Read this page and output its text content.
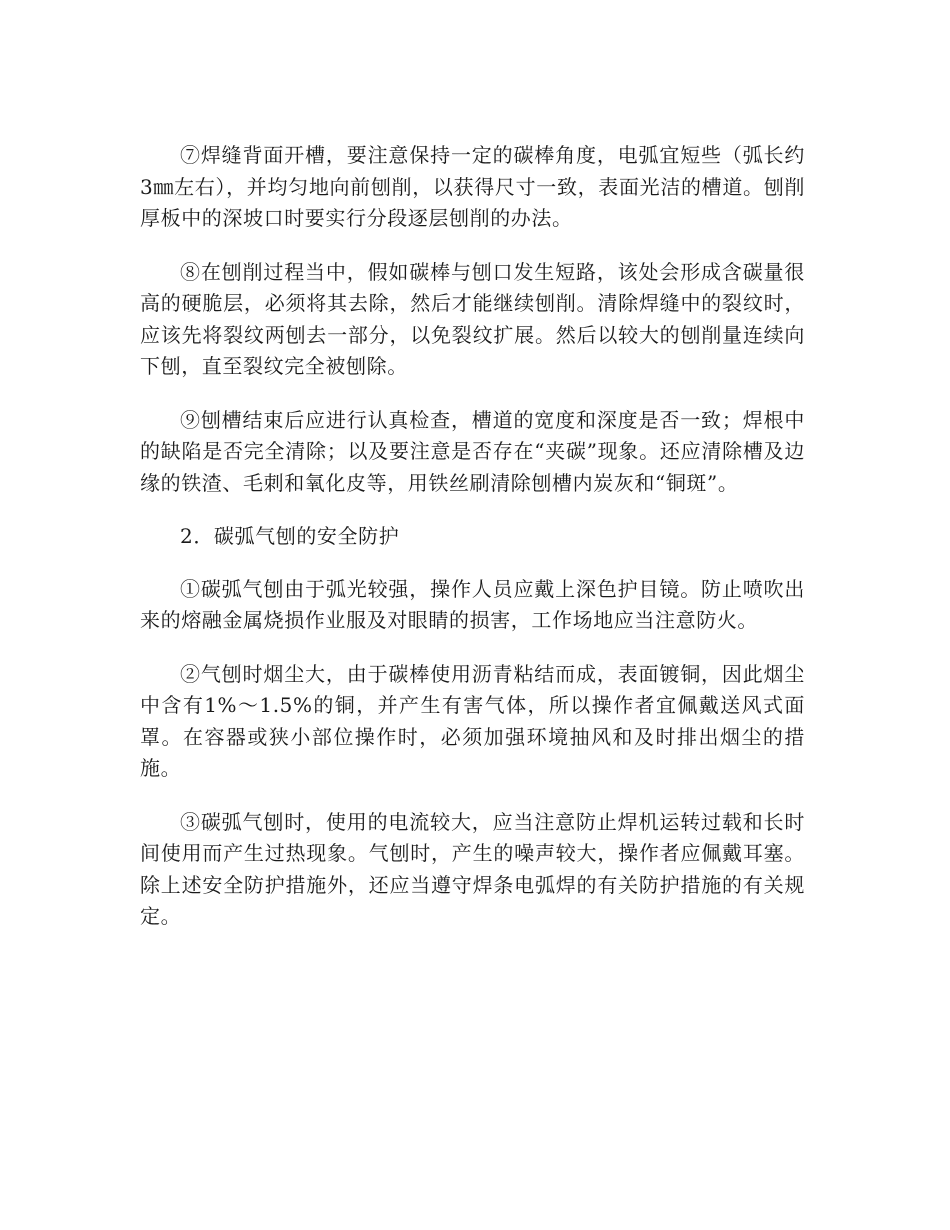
⑦焊缝背面开槽，要注意保持一定的碳棒角度，电弧宜短些（弧长约3㎜左右），并均匀地向前刨削，以获得尺寸一致，表面光洁的槽道。刨削厚板中的深坡口时要实行分段逐层刨削的办法。

⑧在刨削过程当中，假如碳棒与刨口发生短路，该处会形成含碳量很高的硬脆层，必须将其去除，然后才能继续刨削。清除焊缝中的裂纹时，应该先将裂纹两刨去一部分，以免裂纹扩展。然后以较大的刨削量连续向下刨，直至裂纹完全被刨除。

⑨刨槽结束后应进行认真检查，槽道的宽度和深度是否一致；焊根中的缺陷是否完全清除；以及要注意是否存在“夹碳”现象。还应清除槽及边缘的铁渣、毛刺和氧化皮等，用铁丝刷清除刨槽内炭灰和“铜斑”。

2．碳弧气刨的安全防护

①碳弧气刨由于弧光较强，操作人员应戴上深色护目镜。防止喷吹出来的熔融金属烧损作业服及对眼睛的损害，工作场地应当注意防火。

②气刨时烟尘大，由于碳棒使用沥青粘结而成，表面镀铜，因此烟尘中含有1%～1.5%的铜，并产生有害气体，所以操作者宜佩戴送风式面罩。在容器或狭小部位操作时，必须加强环境抽风和及时排出烟尘的措施。

③碳弧气刨时，使用的电流较大，应当注意防止焊机运转过载和长时间使用而产生过热现象。气刨时，产生的噪声较大，操作者应佩戴耳塞。除上述安全防护措施外，还应当遵守焊条电弧焊的有关防护措施的有关规定。
